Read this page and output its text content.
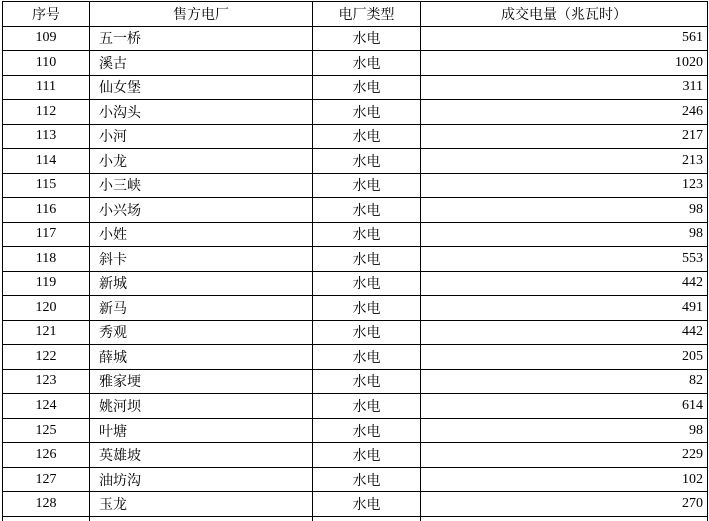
序号	售方电厂	电厂类型	成交电量（兆瓦时）
109	五一桥	水电	561
110	溪古	水电	1020
111	仙女堡	水电	311
112	小沟头	水电	246
113	小河	水电	217
114	小龙	水电	213
115	小三峡	水电	123
116	小兴场	水电	98
117	小姓	水电	98
118	斜卡	水电	553
119	新城	水电	442
120	新马	水电	491
121	秀观	水电	442
122	薛城	水电	205
123	雅家埂	水电	82
124	姚河坝	水电	614
125	叶塘	水电	98
126	英雄坡	水电	229
127	油坊沟	水电	102
128	玉龙	水电	270
